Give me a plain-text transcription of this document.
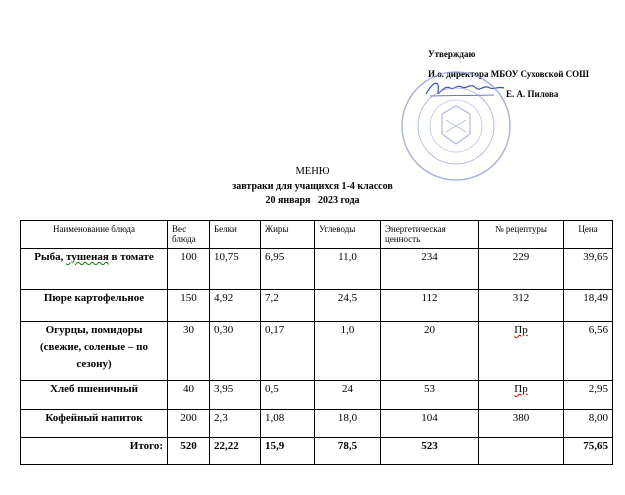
Утверждаю
И.о. директора МБОУ Суховской СОШ
Е. А. Пилова
МЕНЮ
завтраки для учащихся 1-4 классов
20 января   2023 года
Наименование блюда	Вес блюда	Белки	Жиры	Углеводы	Энергетическая ценность	№ рецептуры	Цена
Рыба, тушеная в томате	100	10,75	6,95	11,0	234	229	39,65
Пюре картофельное	150	4,92	7,2	24,5	112	312	18,49
Огурцы, помидоры (свежие, соленые – по сезону)	30	0,30	0,17	1,0	20	Пр	6,56
Хлеб пшеничный	40	3,95	0,5	24	53	Пр	2,95
Кофейный напиток	200	2,3	1,08	18,0	104	380	8,00
Итого:	520	22,22	15,9	78,5	523		75,65
